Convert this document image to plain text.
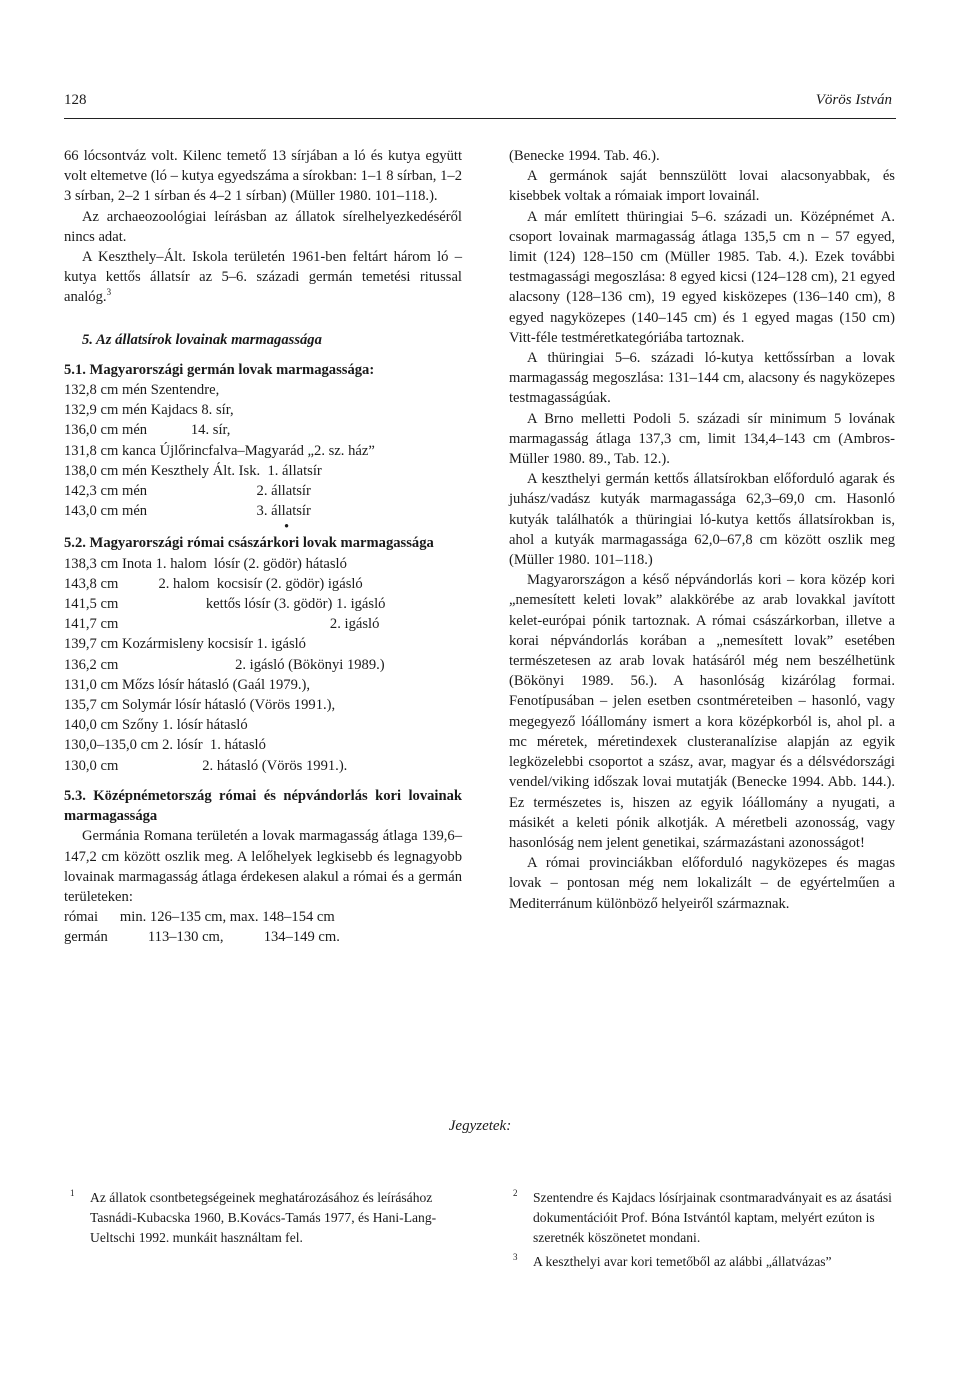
128	Vörös István

66 lócsontváz volt. Kilenc temető 13 sírjában a ló és kutya együtt volt eltemetve (ló – kutya egyedszáma a sírokban: 1–1 8 sírban, 1–2 3 sírban, 2–2 1 sírban és 4–2 1 sírban) (Müller 1980. 101–118.).

Az archaeozoológiai leírásban az állatok sírelhelyezkedéséről nincs adat.

A Keszthely–Ált. Iskola területén 1961-ben feltárt három ló – kutya kettős állatsír az 5–6. századi germán temetési ritussal analóg.$^3$

5. Az állatsírok lovainak marmagassága

5.1. Magyarországi germán lovak marmagassága:

132,8 cm mén Szentendre,

132,9 cm mén Kajdacs 8. sír,

136,0 cm mén            14. sír,

131,8 cm kanca Újlőrincfalva–Magyarád „2. sz. ház”

138,0 cm mén Keszthely Ált. Isk.  1. állatsír

142,3 cm mén                              2. állatsír

143,0 cm mén                              3. állatsír

•

5.2. Magyarországi római császárkori lovak marmagassága

138,3 cm Inota 1. halom  lósír (2. gödör) hátasló

143,8 cm           2. halom  kocsisír (2. gödör) igásló

141,5 cm                        kettős lósír (3. gödör) 1. igásló

141,7 cm                                                          2. igásló

139,7 cm Kozármisleny kocsisír 1. igásló

136,2 cm                                2. igásló (Bökönyi 1989.)

131,0 cm Mőzs lósír hátasló (Gaál 1979.),

135,7 cm Solymár lósír hátasló (Vörös 1991.),

140,0 cm Szőny 1. lósír hátasló

130,0–135,0 cm 2. lósír  1. hátasló

130,0 cm                       2. hátasló (Vörös 1991.).

5.3. Középnémetország római és népvándorlás kori lovainak marmagassága

Germánia Romana területén a lovak marmagasság átlaga 139,6–147,2 cm között oszlik meg. A lelőhelyek legkisebb és legnagyobb lovainak marmagasság átlaga érdekesen alakul a római és a germán területeken:

római      min. 126–135 cm, max. 148–154 cm

germán           113–130 cm,           134–149 cm.

(Benecke 1994. Tab. 46.).

A germánok saját bennszülött lovai alacsonyabbak, és kisebbek voltak a rómaiak import lovainál.

A már említett thüringiai 5–6. századi un. Középnémet A. csoport lovainak marmagasság átlaga 135,5 cm n – 57 egyed, limit (124) 128–150 cm (Müller 1985. Tab. 4.). Ezek további testmagassági megoszlása: 8 egyed kicsi (124–128 cm), 21 egyed alacsony (128–136 cm), 19 egyed kisközepes (136–140 cm), 8 egyed nagyközepes (140–145 cm) és 1 egyed magas (150 cm) Vitt-féle testméretkategóriába tartoznak.

A thüringiai 5–6. századi ló-kutya kettőssírban a lovak marmagasság megoszlása: 131–144 cm, alacsony és nagyközepes testmagasságúak.

A Brno melletti Podoli 5. századi sír minimum 5 lovának marmagasság átlaga 137,3 cm, limit 134,4–143 cm (Ambros-Müller 1980. 89., Tab. 12.).

A keszthelyi germán kettős állatsírokban előforduló agarak és juhász/vadász kutyák marmagassága 62,3–69,0 cm. Hasonló kutyák találhatók a thüringiai ló-kutya kettős állatsírokban is, ahol a kutyák marmagassága 62,0–67,8 cm között oszlik meg (Müller 1980. 101–118.)

Magyarországon a késő népvándorlás kori – kora közép kori „nemesített keleti lovak” alakkörébe az arab lovakkal javított kelet-európai pónik tartoznak. A római császárkorban, illetve a korai népvándorlás korában a „nemesített lovak” esetében természetesen az arab lovak hatásáról még nem beszélhetünk (Bökönyi 1989. 56.). A hasonlóság kizárólag formai. Fenotípusában – jelen esetben csontméreteiben – hasonló, vagy megegyező lóállomány ismert a kora középkorból is, ahol pl. a mc méretek, méretindexek clusteranalízise alapján az egyik legközelebbi csoportot a szász, avar, magyar és a délsvédországi vendel/viking időszak lovai mutatják (Benecke 1994. Abb. 144.). Ez természetes is, hiszen az egyik lóállomány a nyugati, a másikét a keleti pónik alkotják. A méretbeli azonosság, vagy hasonlóság nem jelent genetikai, származástani azonosságot!

A római provinciákban előforduló nagyközepes és magas lovak – pontosan még nem lokalizált – de egyértelműen a Mediterránum különböző helyeiről származnak.

Jegyzetek:

1 Az állatok csontbetegségeinek meghatározásához és leírásához Tasnádi-Kubacska 1960, B.Kovács-Tamás 1977, és Hani-Lang-Ueltschi 1992. munkáit használtam fel.

2 Szentendre és Kajdacs lósírjainak csontmaradványait es az ásatási dokumentációit Prof. Bóna Istvántól kaptam, melyért ezúton is szeretnék köszönetet mondani.

3 A keszthelyi avar kori temetőből az alábbi „állatvázas”
